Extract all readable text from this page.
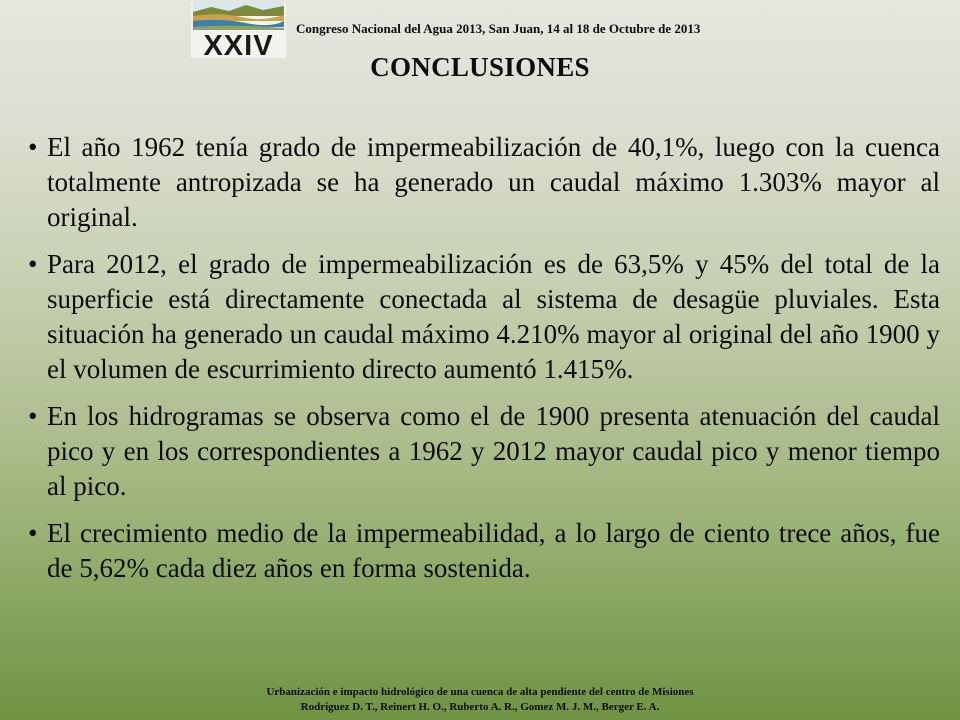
XXIV
Congreso Nacional del Agua 2013, San Juan, 14 al 18 de Octubre de 2013
CONCLUSIONES
• El año 1962 tenía grado de impermeabilización de 40,1%, luego con la cuenca totalmente antropizada se ha generado un caudal máximo 1.303% mayor al original.
• Para 2012, el grado de impermeabilización es de 63,5% y 45% del total de la superficie está directamente conectada al sistema de desagüe pluviales. Esta situación ha generado un caudal máximo 4.210% mayor al original del año 1900 y el volumen de escurrimiento directo aumentó 1.415%.
• En los hidrogramas se observa como el de 1900 presenta atenuación del caudal pico y en los correspondientes a 1962 y 2012 mayor caudal pico y menor tiempo al pico.
• El crecimiento medio de la impermeabilidad, a lo largo de ciento trece años, fue de 5,62% cada diez años en forma sostenida.
Urbanización e impacto hidrológico de una cuenca de alta pendiente del centro de Misiones
Rodríguez D. T., Reinert H. O., Ruberto A. R., Gomez M. J. M., Berger E. A.
